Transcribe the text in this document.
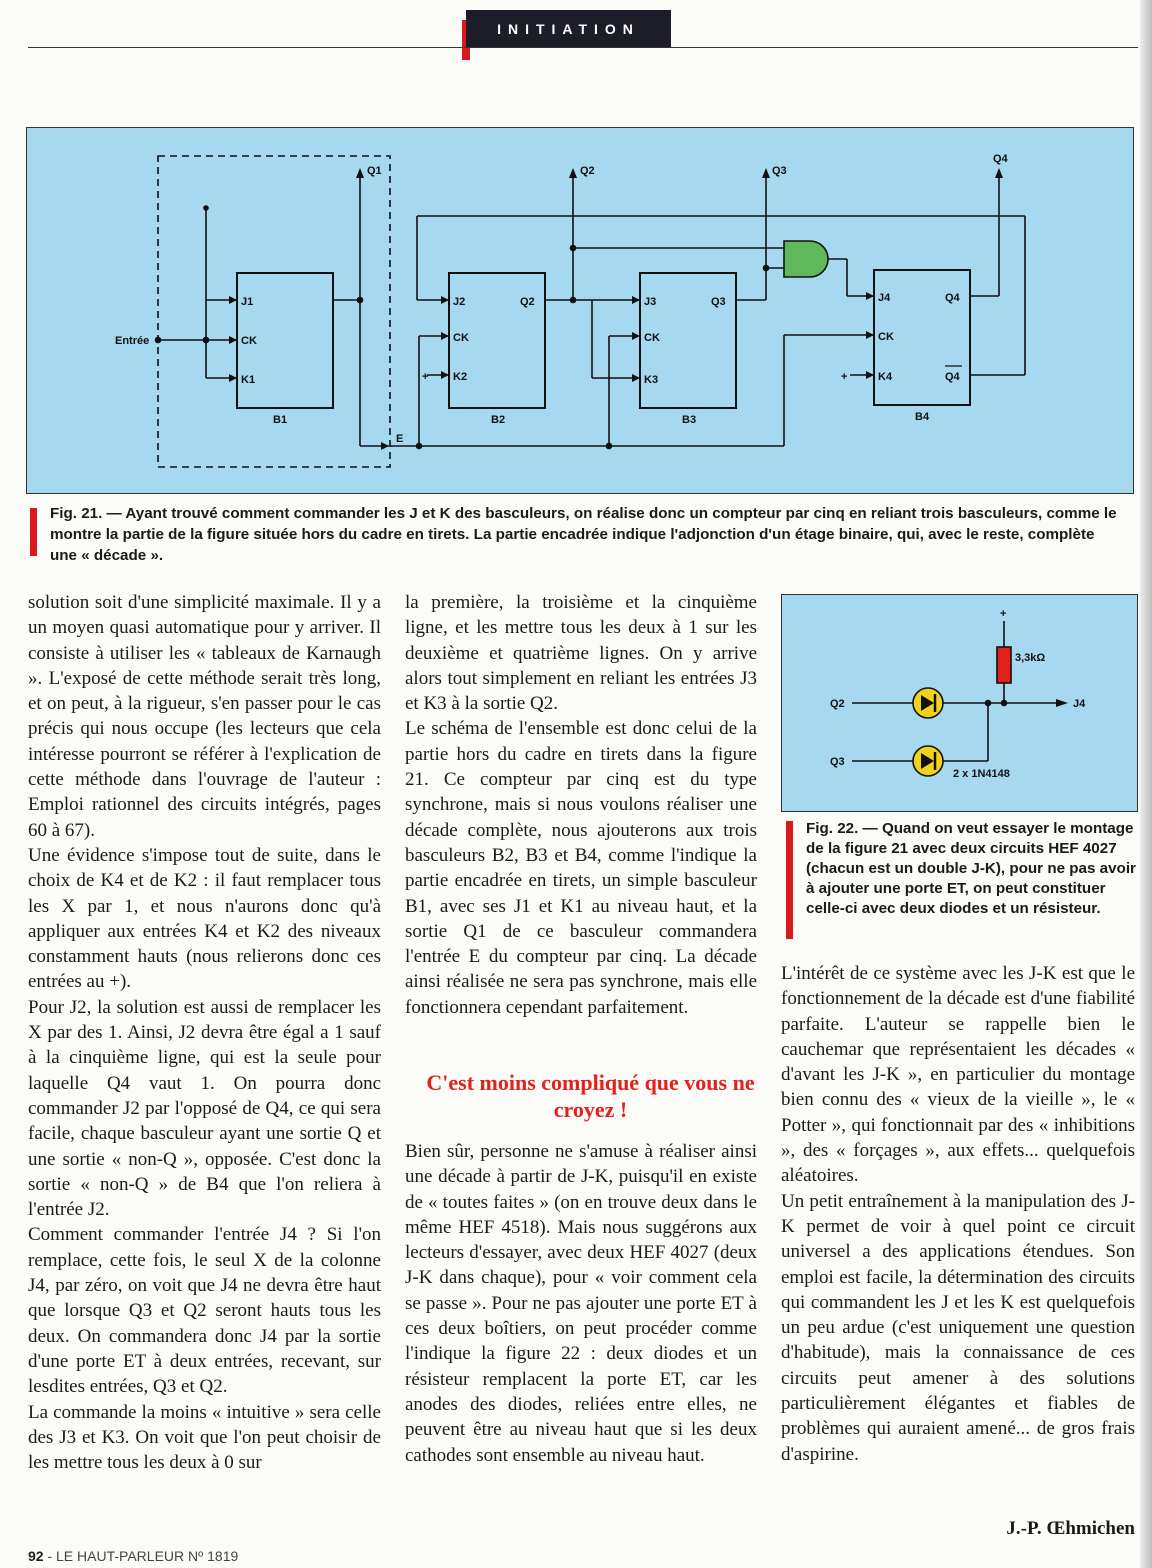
INITIATION
Q1	Q2	Q3
Q4
Entrée
E
J1
CK
K1
B1
J2
CK
K2
Q2
B2
J3
CK
K3
Q3
B3
J4
CK
K4
Q4
Q4
B4
+	+
Fig. 21. — Ayant trouvé comment commander les J et K des basculeurs, on réalise donc un compteur par cinq en reliant trois basculeurs, comme le montre la partie de la figure située hors du cadre en tirets. La partie encadrée indique l'adjonction d'un étage binaire, qui, avec le reste, complète une « décade ».

solution soit d'une simplicité maximale. Il y a un moyen quasi automatique pour y arriver. Il consiste à utiliser les « tableaux de Karnaugh ». L'exposé de cette méthode serait très long, et on peut, à la rigueur, s'en passer pour le cas précis qui nous occupe (les lecteurs que cela intéresse pourront se référer à l'explication de cette méthode dans l'ouvrage de l'auteur : Emploi rationnel des circuits intégrés, pages 60 à 67).

Une évidence s'impose tout de suite, dans le choix de K4 et de K2 : il faut remplacer tous les X par 1, et nous n'aurons donc qu'à appliquer aux entrées K4 et K2 des niveaux constamment hauts (nous relierons donc ces entrées au +).

Pour J2, la solution est aussi de remplacer les X par des 1. Ainsi, J2 devra être égal a 1 sauf à la cinquième ligne, qui est la seule pour laquelle Q4 vaut 1. On pourra donc commander J2 par l'opposé de Q4, ce qui sera facile, chaque basculeur ayant une sortie Q et une sortie « non-Q », opposée. C'est donc la sortie « non-Q » de B4 que l'on reliera à l'entrée J2.

Comment commander l'entrée J4 ? Si l'on remplace, cette fois, le seul X de la colonne J4, par zéro, on voit que J4 ne devra être haut que lorsque Q3 et Q2 seront hauts tous les deux. On commandera donc J4 par la sortie d'une porte ET à deux entrées, recevant, sur lesdites entrées, Q3 et Q2.

La commande la moins « intuitive » sera celle des J3 et K3. On voit que l'on peut choisir de les mettre tous les deux à 0 sur

la première, la troisième et la cinquième ligne, et les mettre tous les deux à 1 sur les deuxième et quatrième lignes. On y arrive alors tout simplement en reliant les entrées J3 et K3 à la sortie Q2.

Le schéma de l'ensemble est donc celui de la partie hors du cadre en tirets dans la figure 21. Ce compteur par cinq est du type synchrone, mais si nous voulons réaliser une décade complète, nous ajouterons aux trois basculeurs B2, B3 et B4, comme l'indique la partie encadrée en tirets, un simple basculeur B1, avec ses J1 et K1 au niveau haut, et la sortie Q1 de ce basculeur commandera l'entrée E du compteur par cinq. La décade ainsi réalisée ne sera pas synchrone, mais elle fonctionnera cependant parfaitement.

C'est moins compliqué que vous ne croyez !

Bien sûr, personne ne s'amuse à réaliser ainsi une décade à partir de J-K, puisqu'il en existe de « toutes faites » (on en trouve deux dans le même HEF 4518). Mais nous suggérons aux lecteurs d'essayer, avec deux HEF 4027 (deux J-K dans chaque), pour « voir comment cela se passe ». Pour ne pas ajouter une porte ET à ces deux boîtiers, on peut procéder comme l'indique la figure 22 : deux diodes et un résisteur remplacent la porte ET, car les anodes des diodes, reliées entre elles, ne peuvent être au niveau haut que si les deux cathodes sont ensemble au niveau haut.

+
3,3kΩ
Q2
Q3
J4
2 x 1N4148
Fig. 22. — Quand on veut essayer le montage de la figure 21 avec deux circuits HEF 4027 (chacun est un double J-K), pour ne pas avoir à ajouter une porte ET, on peut constituer celle-ci avec deux diodes et un résisteur.

L'intérêt de ce système avec les J-K est que le fonctionnement de la décade est d'une fiabilité parfaite. L'auteur se rappelle bien le cauchemar que représentaient les décades « d'avant les J-K », en particulier du montage bien connu des « vieux de la vieille », le « Potter », qui fonctionnait par des « inhibitions », des « forçages », aux effets... quelquefois aléatoires.

Un petit entraînement à la manipulation des J-K permet de voir à quel point ce circuit universel a des applications étendues. Son emploi est facile, la détermination des circuits qui commandent les J et les K est quelquefois un peu ardue (c'est uniquement une question d'habitude), mais la connaissance de ces circuits peut amener à des solutions particulièrement élégantes et fiables de problèmes qui auraient amené... de gros frais d'aspirine.

J.-P. Œhmichen
92 - LE HAUT-PARLEUR Nº 1819
